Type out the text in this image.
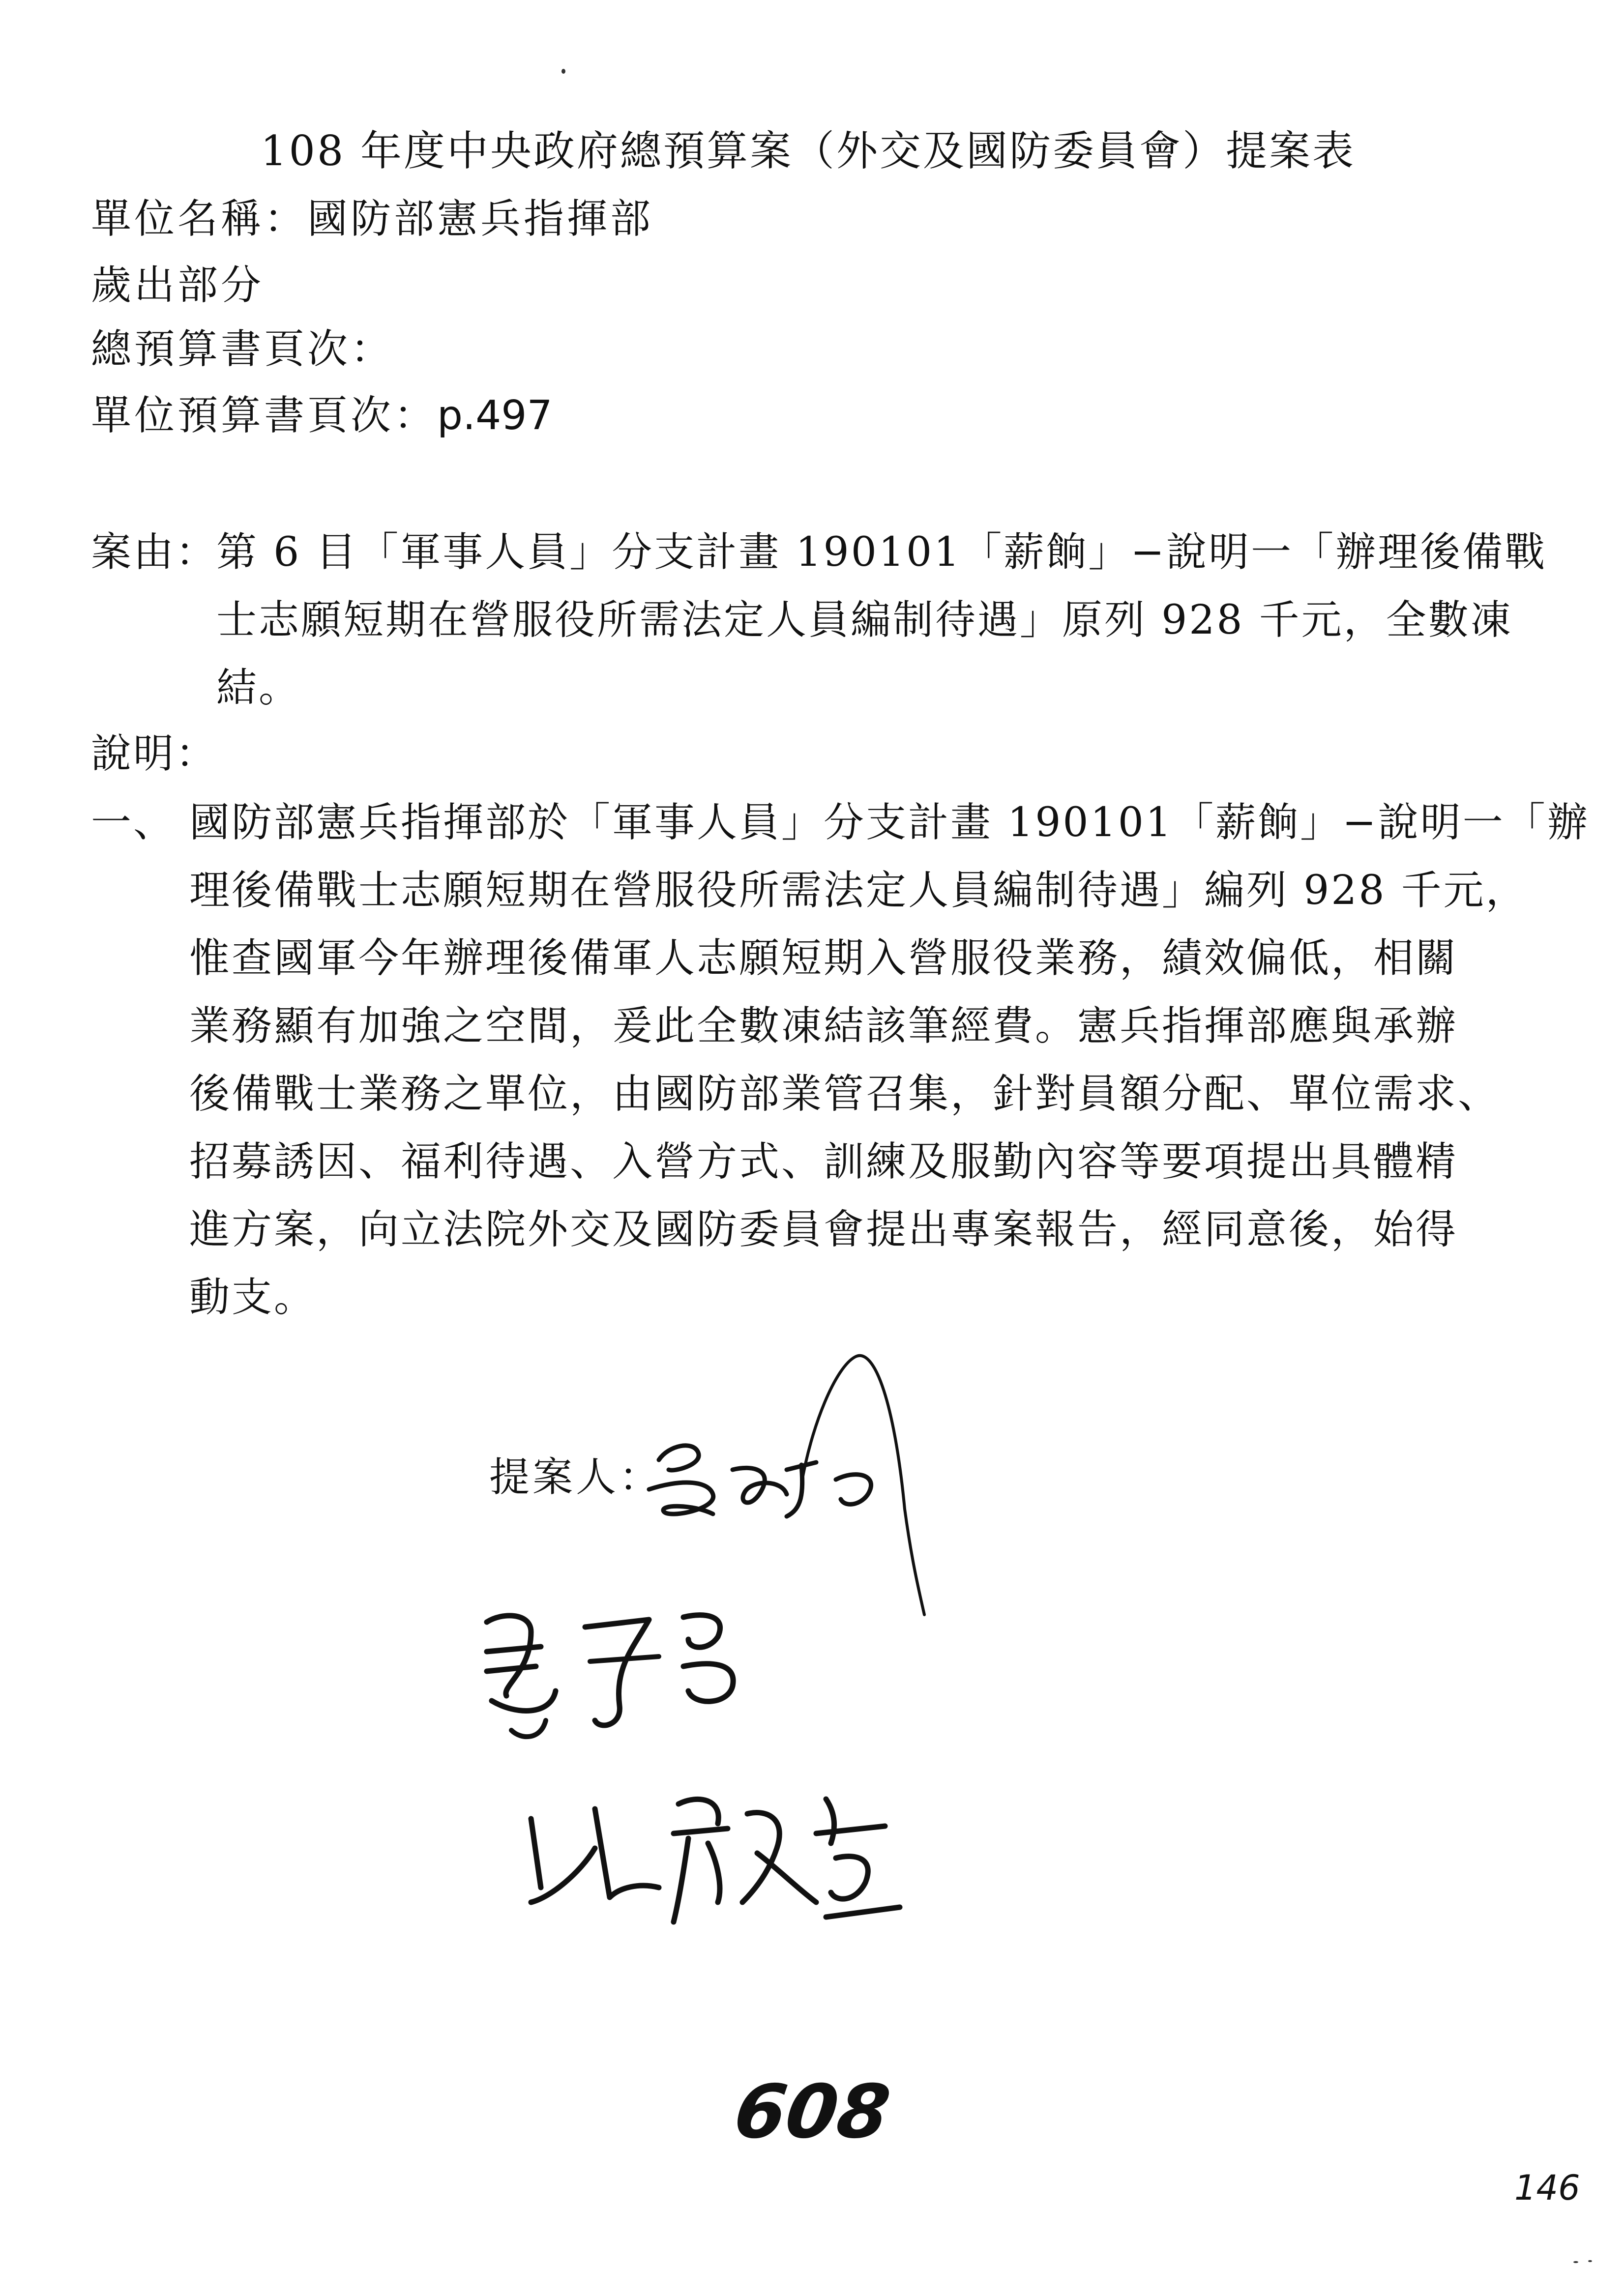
108 年度中央政府總預算案（外交及國防委員會）提案表
單位名稱：國防部憲兵指揮部
歲出部分
總預算書頁次：
單位預算書頁次：p.497
案由：
第 6 目「軍事人員」分支計畫 190101「薪餉」−說明一「辦理後備戰
士志願短期在營服役所需法定人員編制待遇」原列 928 千元，全數凍
結。
說明：
一、 國防部憲兵指揮部於「軍事人員」分支計畫 190101「薪餉」−說明一「辦
理後備戰士志願短期在營服役所需法定人員編制待遇」編列 928 千元，
惟查國軍今年辦理後備軍人志願短期入營服役業務，績效偏低，相關
業務顯有加強之空間，爰此全數凍結該筆經費。憲兵指揮部應與承辦
後備戰士業務之單位，由國防部業管召集，針對員額分配、單位需求、
招募誘因、福利待遇、入營方式、訓練及服勤內容等要項提出具體精
進方案，向立法院外交及國防委員會提出專案報告，經同意後，始得
動支。
提案人：
608
146
